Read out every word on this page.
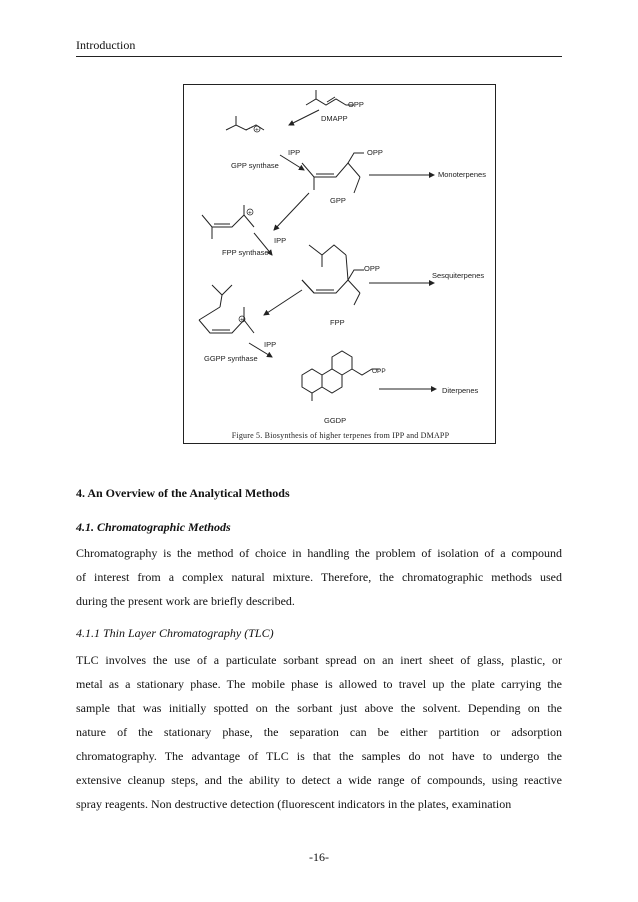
Introduction
OPP
DMAPP
IPP	OPP
GPP synthase
Monoterpenes
GPP
IPP
FPP synthase
OPP
Sesquiterpenes
FPP
IPP
GGPP synthase
OPP
Diterpenes
GGDP
+
+
+
Figure 5. Biosynthesis of higher terpenes from IPP and DMAPP
4. An Overview of the Analytical Methods
4.1. Chromatographic Methods
Chromatography is the method of choice in handling the problem of isolation of a compound
of interest from a complex natural mixture. Therefore, the chromatographic methods used
during the present work are briefly described.
4.1.1 Thin Layer Chromatography (TLC)
TLC involves the use of a particulate sorbant spread on an inert sheet of glass, plastic, or
metal as a stationary phase. The mobile phase is allowed to travel up the plate carrying the
sample that was initially spotted on the sorbant just above the solvent. Depending on the
nature of the stationary phase, the separation can be either partition or adsorption
chromatography. The advantage of TLC is that the samples do not have to undergo the
extensive cleanup steps, and the ability to detect a wide range of compounds, using reactive
spray reagents. Non destructive detection (fluorescent indicators in the plates, examination
-16-
